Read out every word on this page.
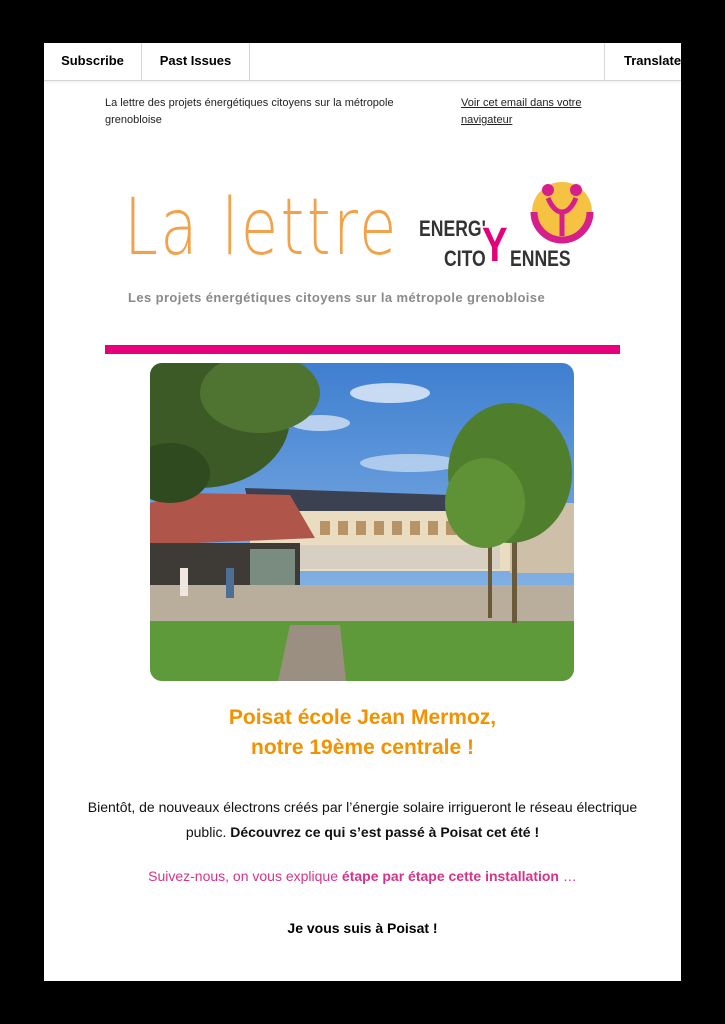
Subscribe	Past Issues	Translate
La lettre des projets énergétiques citoyens sur la métropole grenobloise
Voir cet email dans votre navigateur
La lettre ENERG'
CITO
Y ENNES
Les projets énergétiques citoyens sur la métropole grenobloise
Poisat école Jean Mermoz,
notre 19ème centrale !
Bientôt, de nouveaux électrons créés par l’énergie solaire irrigueront le réseau électrique public. Découvrez ce qui s’est passé à Poisat cet été !
Suivez-nous, on vous explique étape par étape cette installation …
Je vous suis à Poisat !
